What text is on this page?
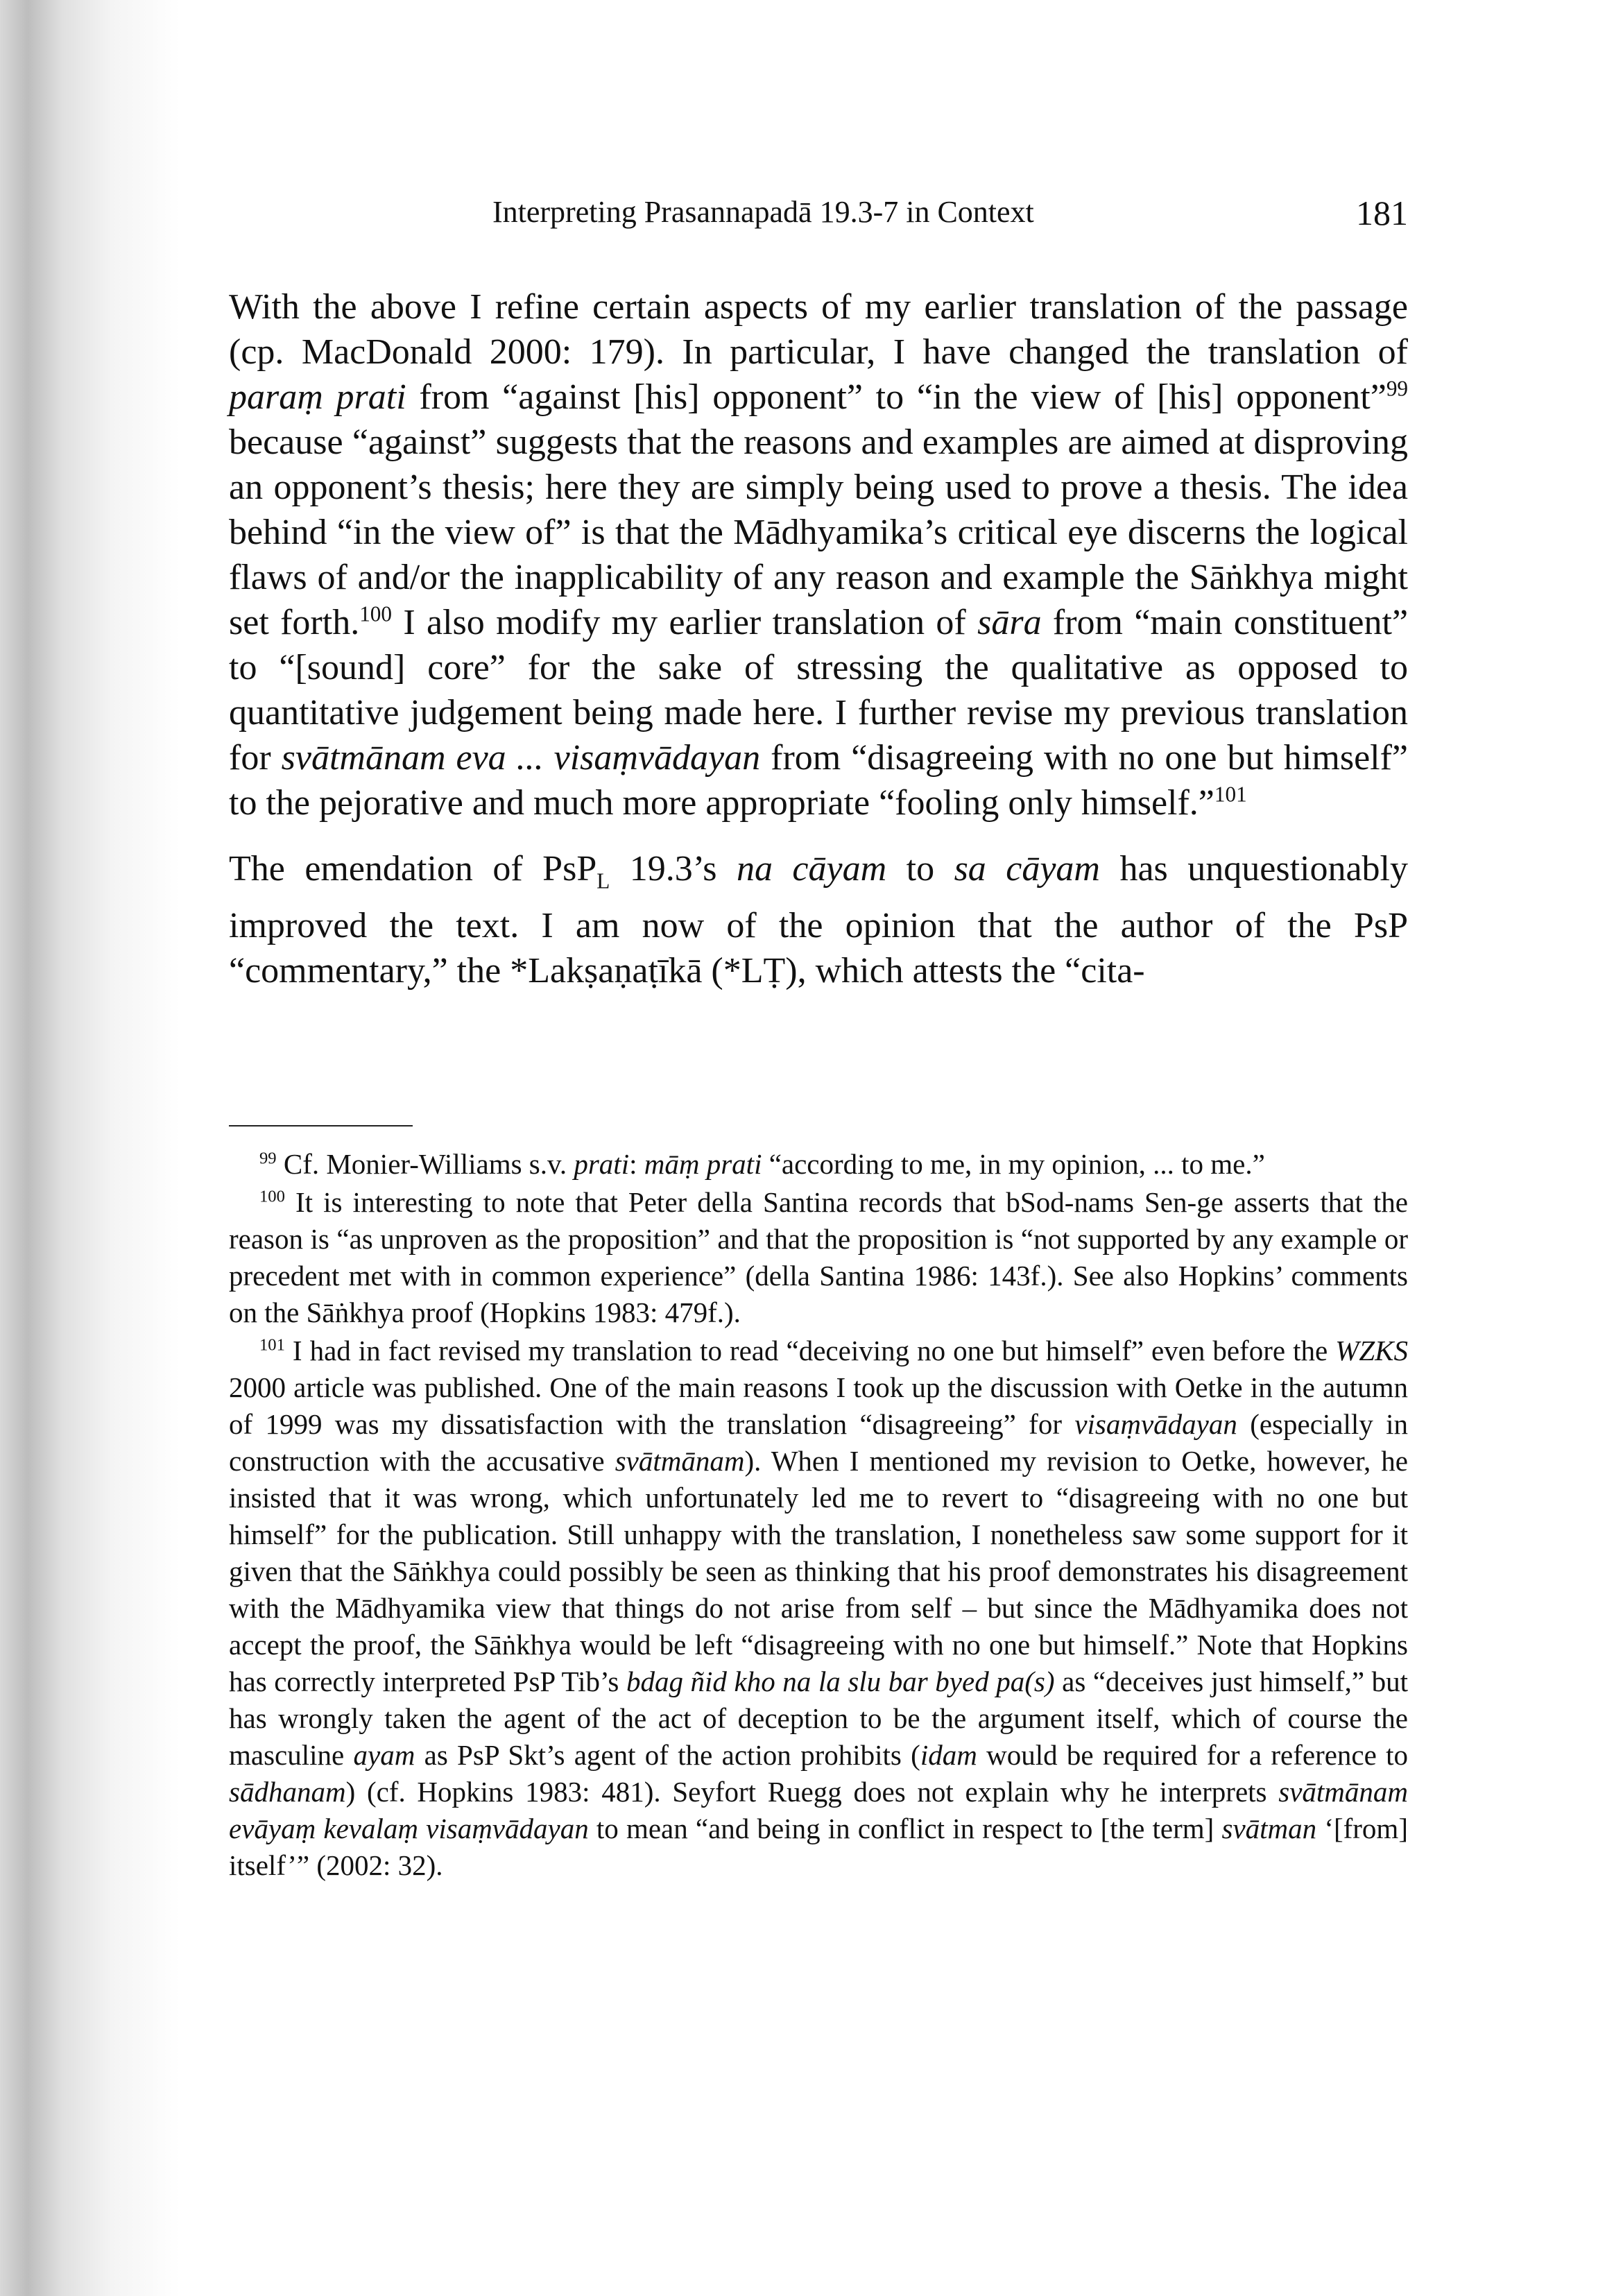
Interpreting Prasannapadā 19.3-7 in Context	181

With the above I refine certain aspects of my earlier translation of the passage (cp. MacDonald 2000: 179). In particular, I have changed the translation of paraṃ prati from “against [his] opponent” to “in the view of [his] opponent”$^{99}$ because “against” suggests that the reasons and examples are aimed at disproving an opponent’s thesis; here they are simply being used to prove a thesis. The idea behind “in the view of” is that the Mādhyamika’s critical eye discerns the logical flaws of and/or the inapplicability of any reason and example the Sāṅkhya might set forth.$^{100}$ I also modify my earlier translation of sāra from “main constituent” to “[sound] core” for the sake of stressing the qualitative as opposed to quantitative judgement being made here. I further revise my previous translation for svātmānam eva ... visaṃvādayan from “disagreeing with no one but himself” to the pejorative and much more appropriate “fooling only himself.”$^{101}$

The emendation of PsP$_L$ 19.3’s na cāyam to sa cāyam has unquestionably improved the text. I am now of the opinion that the author of the PsP “commentary,” the *Lakṣaṇaṭīkā (*LṬ), which attests the “cita-

$^{99}$ Cf. Monier-Williams s.v. prati: māṃ prati “according to me, in my opinion, ... to me.”

$^{100}$ It is interesting to note that Peter della Santina records that bSod-nams Sen-ge asserts that the reason is “as unproven as the proposition” and that the proposition is “not supported by any example or precedent met with in common experience” (della Santina 1986: 143f.). See also Hopkins’ comments on the Sāṅkhya proof (Hopkins 1983: 479f.).

$^{101}$ I had in fact revised my translation to read “deceiving no one but himself” even before the WZKS 2000 article was published. One of the main reasons I took up the discussion with Oetke in the autumn of 1999 was my dissatisfaction with the translation “disagreeing” for visaṃvādayan (especially in construction with the accusative svātmānam). When I mentioned my revision to Oetke, however, he insisted that it was wrong, which unfortunately led me to revert to “disagreeing with no one but himself” for the publication. Still unhappy with the translation, I nonetheless saw some support for it given that the Sāṅkhya could possibly be seen as thinking that his proof demonstrates his disagreement with the Mādhyamika view that things do not arise from self – but since the Mādhyamika does not accept the proof, the Sāṅkhya would be left “disagreeing with no one but himself.” Note that Hopkins has correctly interpreted PsP Tib’s bdag ñid kho na la slu bar byed pa(s) as “deceives just himself,” but has wrongly taken the agent of the act of deception to be the argument itself, which of course the masculine ayam as PsP Skt’s agent of the action prohibits (idam would be required for a reference to sādhanam) (cf. Hopkins 1983: 481). Seyfort Ruegg does not explain why he interprets svātmānam evāyaṃ kevalaṃ visaṃvādayan to mean “and being in conflict in respect to [the term] svātman ‘[from] itself’” (2002: 32).
